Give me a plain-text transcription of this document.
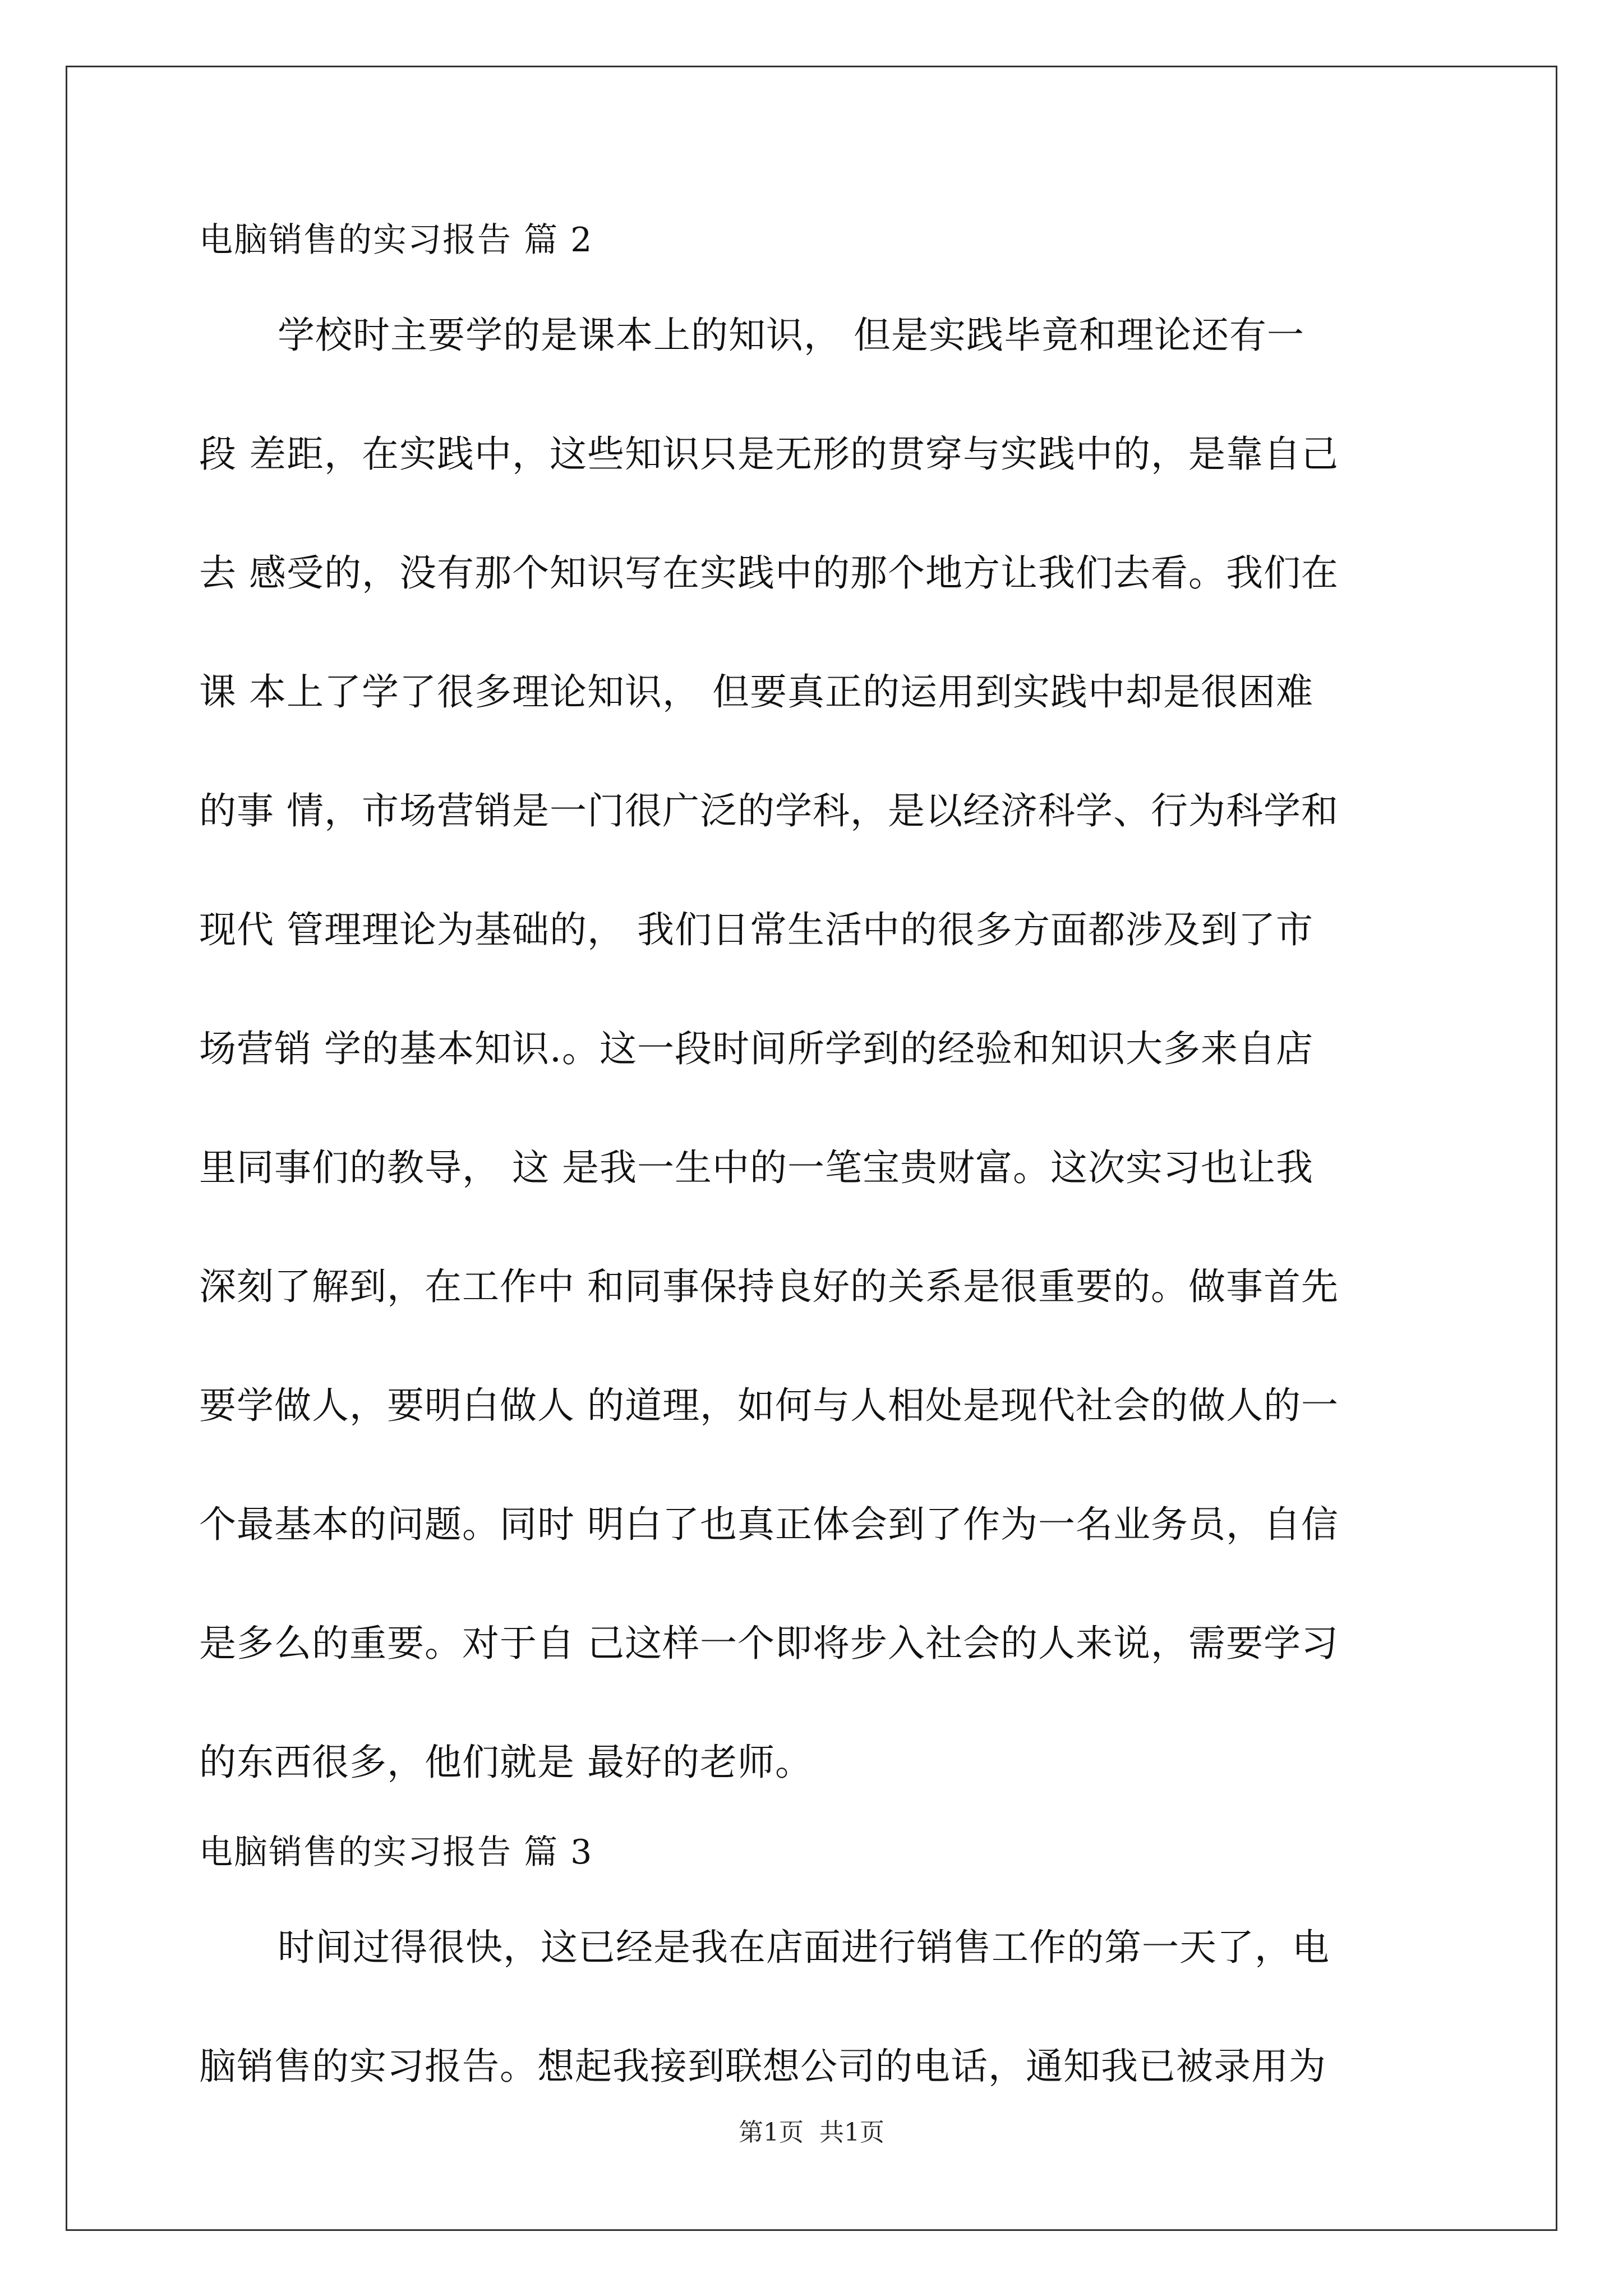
电脑销售的实习报告 篇 2
学校时主要学的是课本上的知识， 但是实践毕竟和理论还有一
段 差距，在实践中，这些知识只是无形的贯穿与实践中的，是靠自己
去 感受的，没有那个知识写在实践中的那个地方让我们去看。我们在
课 本上了学了很多理论知识， 但要真正的运用到实践中却是很困难
的事 情，市场营销是一门很广泛的学科，是以经济科学、行为科学和
现代 管理理论为基础的， 我们日常生活中的很多方面都涉及到了市
场营销 学的基本知识.。这一段时间所学到的经验和知识大多来自店
里同事们的教导， 这 是我一生中的一笔宝贵财富。这次实习也让我
深刻了解到，在工作中 和同事保持良好的关系是很重要的。做事首先
要学做人，要明白做人 的道理，如何与人相处是现代社会的做人的一
个最基本的问题。同时 明白了也真正体会到了作为一名业务员，自信
是多么的重要。对于自 己这样一个即将步入社会的人来说，需要学习
的东西很多，他们就是 最好的老师。
电脑销售的实习报告 篇 3
时间过得很快，这已经是我在店面进行销售工作的第一天了，电
脑销售的实习报告。想起我接到联想公司的电话，通知我已被录用为
第1页  共1页
